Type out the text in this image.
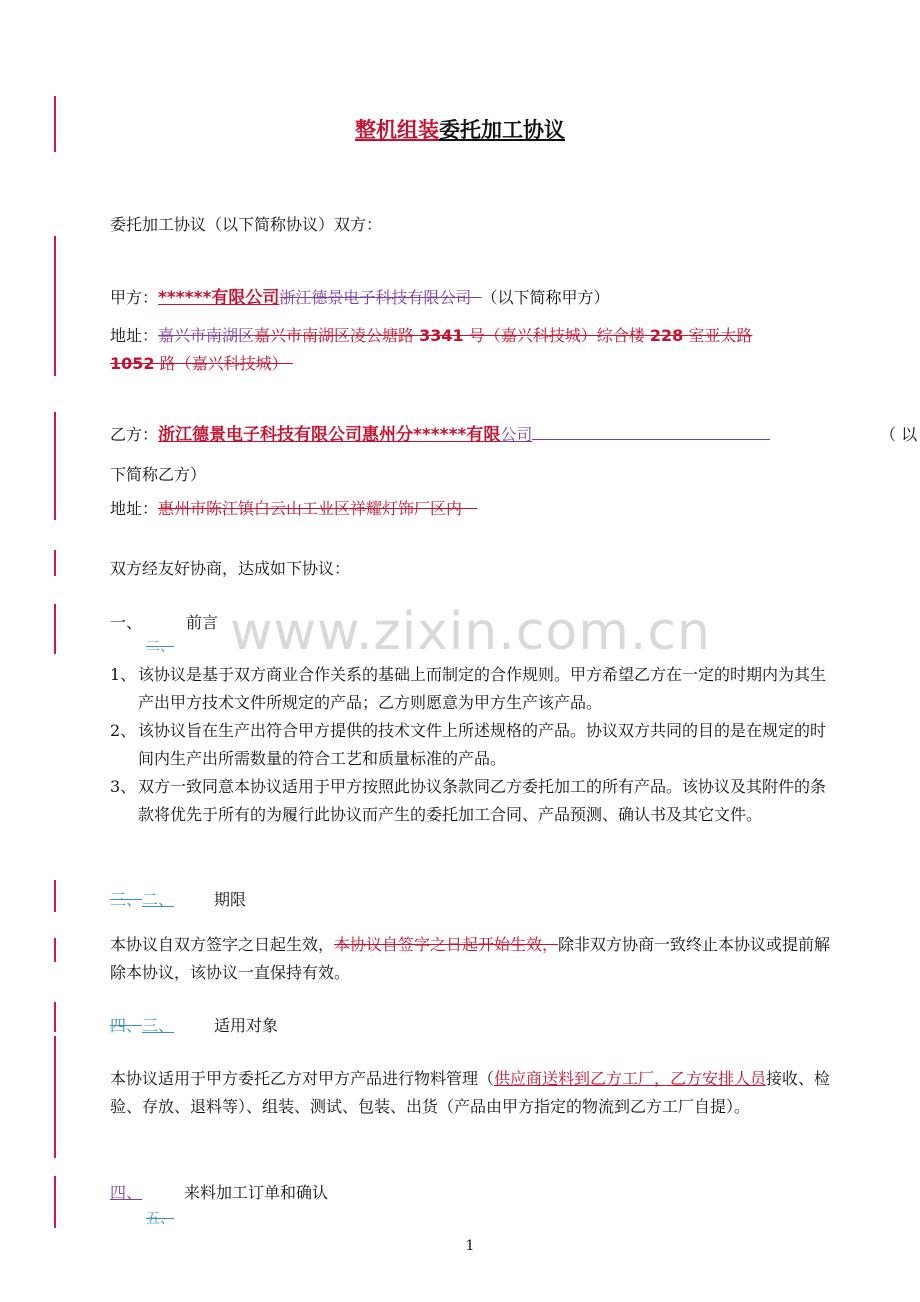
整机组装委托加工协议
委托加工协议（以下简称协议）双方：
甲方：******有限公司浙江德景电子科技有限公司 （以下简称甲方）
地址：嘉兴市南湖区嘉兴市南湖区凌公塘路 3341 号（嘉兴科技城）综合楼 228 室亚太路
1052 路（嘉兴科技城）
乙方：浙江德景电子科技有限公司惠州分******有限公司	（ 以
下简称乙方）
地址：惠州市陈江镇白云山工业区祥耀灯饰厂区内
双方经友好协商，达成如下协议：
www.zixin.com.cn
一、	前言
二、
1、 该协议是基于双方商业合作关系的基础上而制定的合作规则。甲方希望乙方在一定的时期内为其生产出甲方技术文件所规定的产品；乙方则愿意为甲方生产该产品。
2、 该协议旨在生产出符合甲方提供的技术文件上所述规格的产品。协议双方共同的目的是在规定的时间内生产出所需数量的符合工艺和质量标准的产品。
3、 双方一致同意本协议适用于甲方按照此协议条款同乙方委托加工的所有产品。该协议及其附件的条款将优先于所有的为履行此协议而产生的委托加工合同、产品预测、确认书及其它文件。
三、二、	期限
本协议自双方签字之日起生效，本协议自签字之日起开始生效，除非双方协商一致终止本协议或提前解除本协议，该协议一直保持有效。
四、三、	适用对象
本协议适用于甲方委托乙方对甲方产品进行物料管理（供应商送料到乙方工厂，乙方安排人员接收、检验、存放、退料等）、组装、测试、包装、出货（产品由甲方指定的物流到乙方工厂自提）。
四、	来料加工订单和确认
五、
1
